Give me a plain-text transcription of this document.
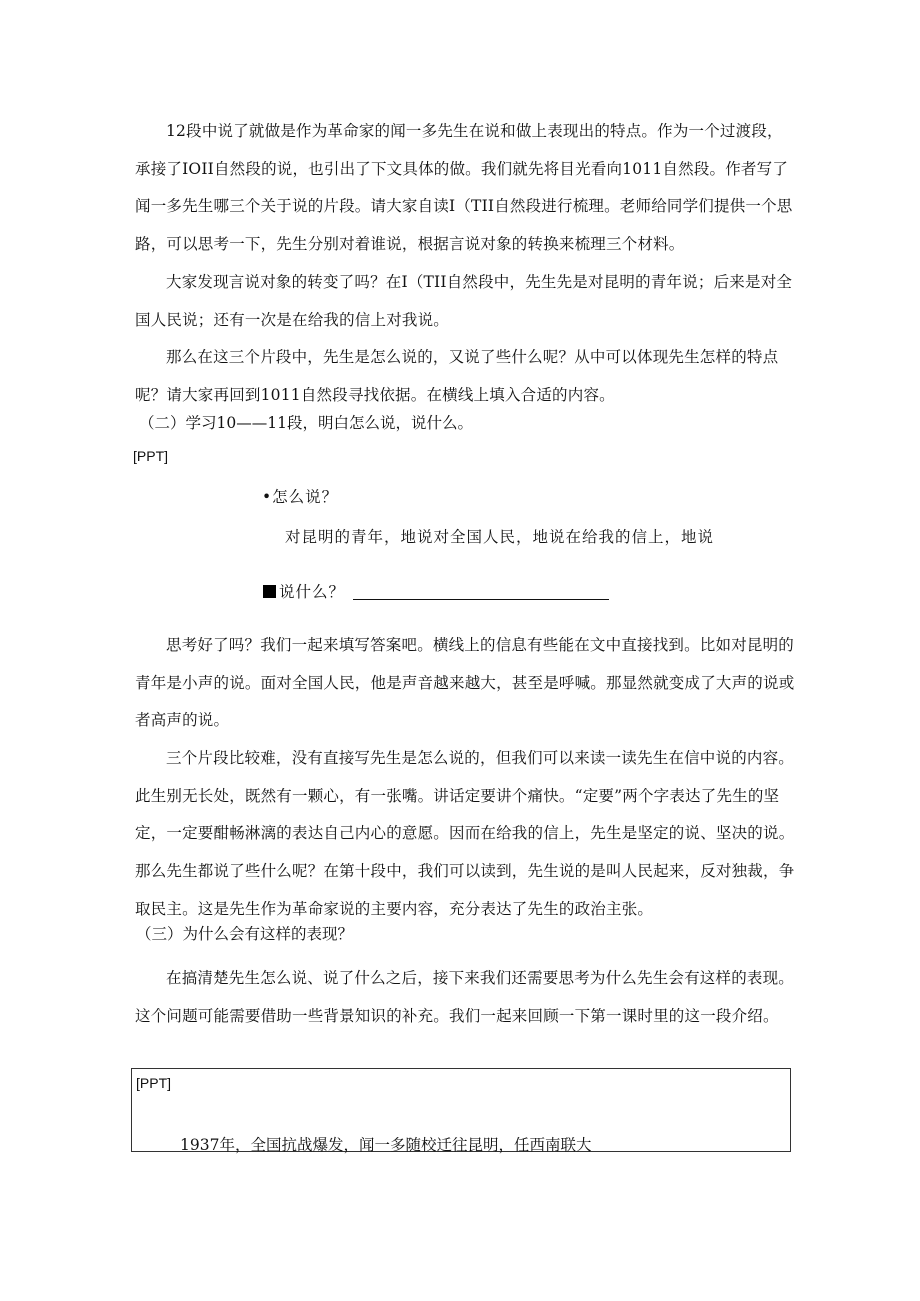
12段中说了就做是作为革命家的闻一多先生在说和做上表现出的特点。作为一个过渡段，承接了IOII自然段的说，也引出了下文具体的做。我们就先将目光看向1011自然段。作者写了闻一多先生哪三个关于说的片段。请大家自读I（TII自然段进行梳理。老师给同学们提供一个思路，可以思考一下，先生分别对着谁说，根据言说对象的转换来梳理三个材料。

大家发现言说对象的转变了吗？在I（TII自然段中，先生先是对昆明的青年说；后来是对全国人民说；还有一次是在给我的信上对我说。

那么在这三个片段中，先生是怎么说的，又说了些什么呢？从中可以体现先生怎样的特点呢？请大家再回到1011自然段寻找依据。在横线上填入合适的内容。

（二）学习10——11段，明白怎么说，说什么。

[PPT]
•怎么说？
对昆明的青年，地说对全国人民，地说在给我的信上，地说
说什么？

思考好了吗？我们一起来填写答案吧。横线上的信息有些能在文中直接找到。比如对昆明的青年是小声的说。面对全国人民，他是声音越来越大，甚至是呼喊。那显然就变成了大声的说或者高声的说。

三个片段比较难，没有直接写先生是怎么说的，但我们可以来读一读先生在信中说的内容。此生别无长处，既然有一颗心，有一张嘴。讲话定要讲个痛快。“定要”两个字表达了先生的坚定，一定要酣畅淋漓的表达自己内心的意愿。因而在给我的信上，先生是坚定的说、坚决的说。那么先生都说了些什么呢？在第十段中，我们可以读到，先生说的是叫人民起来，反对独裁，争取民主。这是先生作为革命家说的主要内容，充分表达了先生的政治主张。

（三）为什么会有这样的表现？

在搞清楚先生怎么说、说了什么之后，接下来我们还需要思考为什么先生会有这样的表现。这个问题可能需要借助一些背景知识的补充。我们一起来回顾一下第一课时里的这一段介绍。

[PPT]
1937年，全国抗战爆发，闻一多随校迁往昆明，任西南联大
